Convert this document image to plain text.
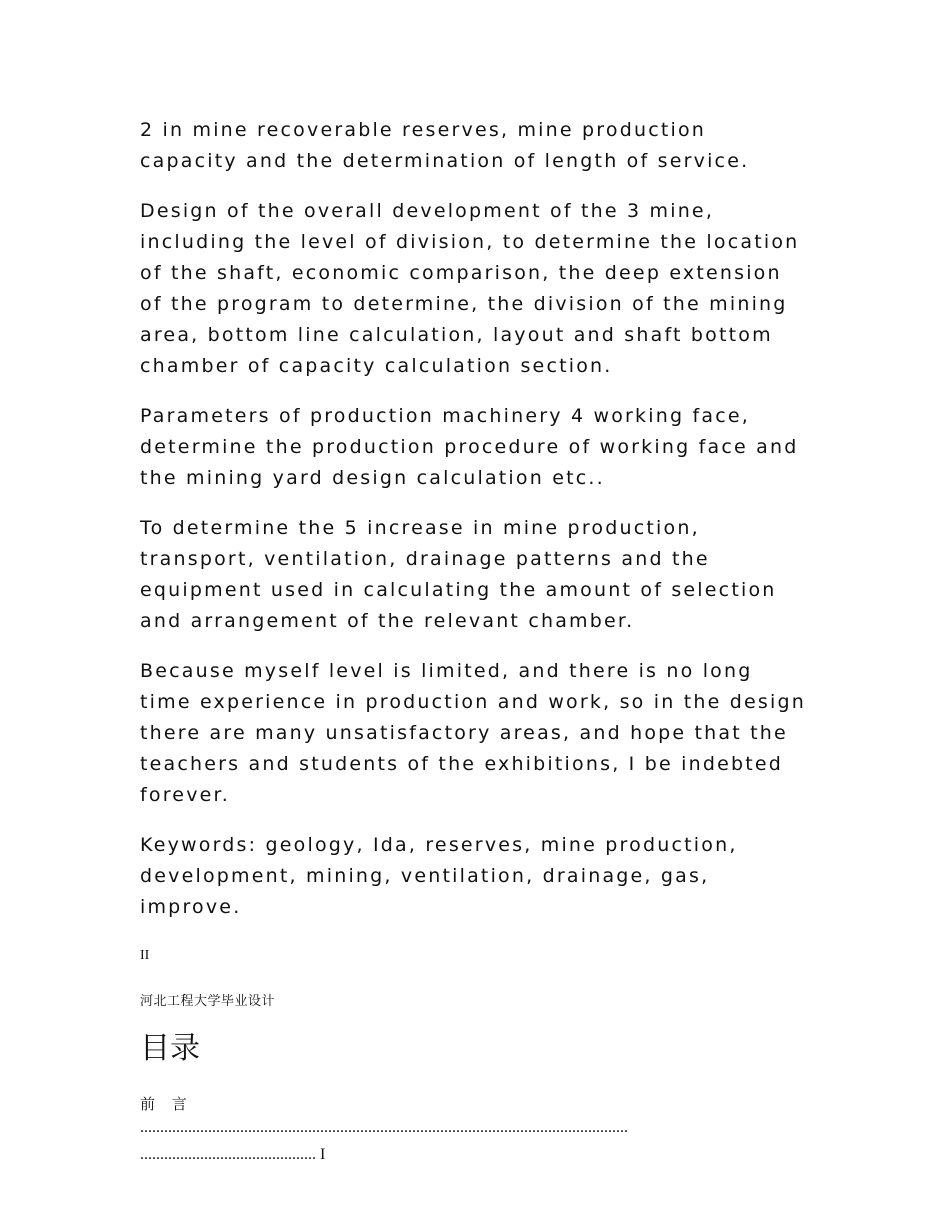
2 in mine recoverable reserves, mine production capacity and the determination of length of service.

Design of the overall development of the 3 mine, including the level of division, to determine the location of the shaft, economic comparison, the deep extension of the program to determine, the division of the mining area, bottom line calculation, layout and shaft bottom chamber of capacity calculation section.

Parameters of production machinery 4 working face, determine the production procedure of working face and the mining yard design calculation etc..

To determine the 5 increase in mine production, transport, ventilation, drainage patterns and the equipment used in calculating the amount of selection and arrangement of the relevant chamber.

Because myself level is limited, and there is no long time experience in production and work, so in the design there are many unsatisfactory areas, and hope that the teachers and students of the exhibitions, I be indebted forever.

Keywords: geology, Ida, reserves, mine production, development, mining, ventilation, drainage, gas, improve.

II
河北工程大学毕业设计
目录
前 言
..........................................................................................................................
............................................ I
